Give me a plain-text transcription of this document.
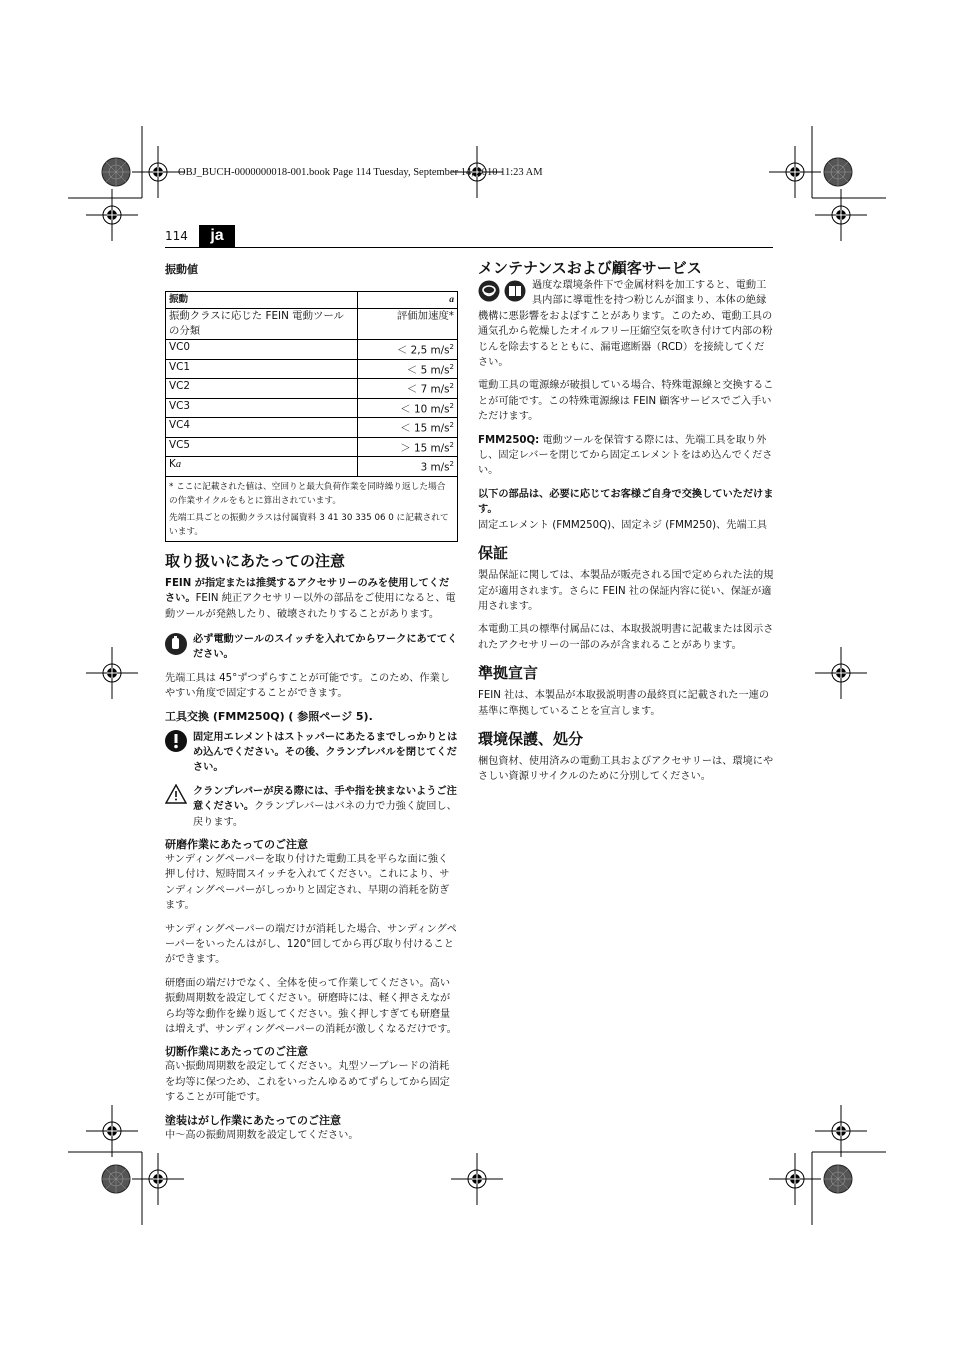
OBJ_BUCH-0000000018-001.book Page 114 Tuesday, September 14, 2010 11:23 AM
114	ja
振動値
振動	a
振動クラスに応じた FEIN 電動ツールの分類	評価加速度*
VC0	＜ 2,5 $m/s^2$
VC1	＜ 5 $m/s^2$
VC2	＜ 7 $m/s^2$
VC3	＜ 10 $m/s^2$
VC4	＜ 15 $m/s^2$
VC5	＞ 15 $m/s^2$
Ka	3 $m/s^2$

* ここに記載された値は、空回りと最大負荷作業を同時繰り返した場合の作業サイクルをもとに算出されています。
先端工具ごとの振動クラスは付属資料 3 41 30 335 06 0 に記載されています。	
取り扱いにあたっての注意

FEIN が指定または推奨するアクセサリーのみを使用してください。FEIN 純正アクセサリー以外の部品をご使用になると、電動ツールが発熱したり、破壊されたりすることがあります。

必ず電動ツールのスイッチを入れてからワークにあててください。

先端工具は 45°ずつずらすことが可能です。このため、作業しやすい角度で固定することができます。

工具交換 (FMM250Q) ( 参照ページ 5).
固定用エレメントはストッパーにあたるまでしっかりとはめ込んでください。その後、クランプレバルを閉じてください。
クランプレバーが戻る際には、手や指を挟まないようご注意ください。クランプレバーはバネの力で力強く旋回し、戻ります。
研磨作業にあたってのご注意

サンディングペーパーを取り付けた電動工具を平らな面に強く押し付け、短時間スイッチを入れてください。これにより、サンディングペーパーがしっかりと固定され、早期の消耗を防ぎます。

サンディングペーパーの端だけが消耗した場合、サンディングペーパーをいったんはがし、120°回してから再び取り付けることができます。

研磨面の端だけでなく、全体を使って作業してください。高い振動周期数を設定してください。研磨時には、軽く押さえながら均等な動作を繰り返してください。強く押しすぎても研磨量は増えず、サンディングペーパーの消耗が激しくなるだけです。

切断作業にあたってのご注意

高い振動周期数を設定してください。丸型ソーブレードの消耗を均等に保つため、これをいったんゆるめてずらしてから固定することが可能です。

塗装はがし作業にあたってのご注意

中～高の振動周期数を設定してください。

メンテナンスおよび顧客サービス

過度な環境条件下で金属材料を加工すると、電動工具内部に導電性を持つ粉じんが溜まり、本体の絶縁機構に悪影響をおよぼすことがあります。このため、電動工具の通気孔から乾燥したオイルフリー圧縮空気を吹き付けて内部の粉じんを除去するとともに、漏電遮断器（RCD）を接続してください。

電動工具の電源線が破損している場合、特殊電源線と交換することが可能です。この特殊電源線は FEIN 顧客サービスでご入手いただけます。

FMM250Q: 電動ツールを保管する際には、先端工具を取り外し、固定レバーを閉じてから固定エレメントをはめ込んでください。

以下の部品は、必要に応じてお客様ご自身で交換していただけます。
固定エレメント (FMM250Q)、固定ネジ (FMM250)、先端工具

保証

製品保証に関しては、本製品が販売される国で定められた法的規定が適用されます。さらに FEIN 社の保証内容に従い、保証が適用されます。

本電動工具の標準付属品には、本取扱説明書に記載または図示されたアクセサリーの一部のみが含まれることがあります。

準拠宣言

FEIN 社は、本製品が本取扱説明書の最終頁に記載された一連の基準に準拠していることを宣言します。

環境保護、処分

梱包資材、使用済みの電動工具およびアクセサリーは、環境にやさしい資源リサイクルのために分別してください。
